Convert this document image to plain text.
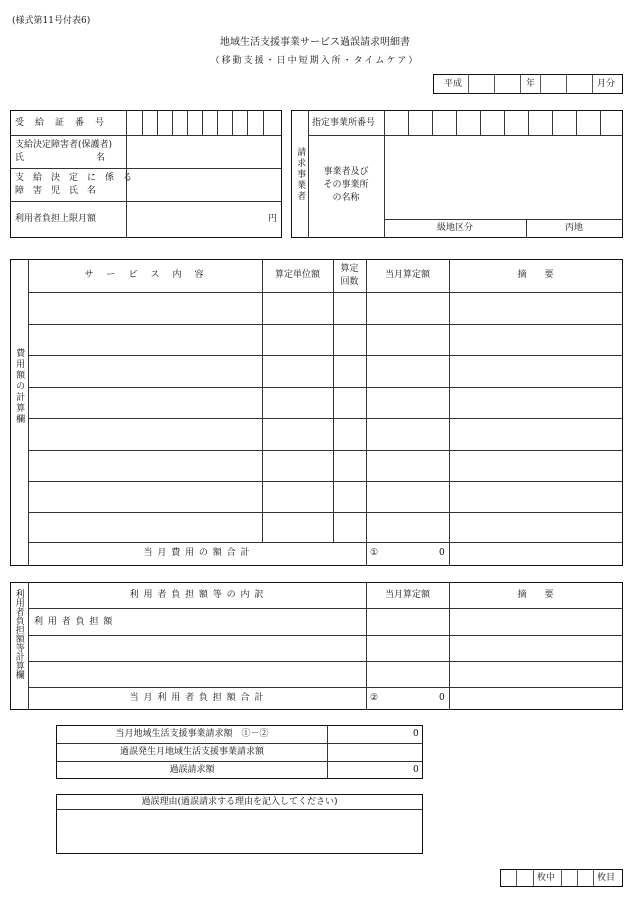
(様式第11号付表6)
地域生活支援事業サービス過誤請求明細書
（移動支援・日中短期入所・タイムケア）
平成	年	月分
受　給　証　番　号
支給決定障害者(保護者)
氏　　　　　　　　名
支　給　決　定　に　係　る
障　害　児　氏　名
利用者負担上限月額	円
請求事業者
指定事業所番号
事業者及び
その事業所
の名称
級地区分	丙地
費用額の計算欄
サ　ー　ビ　ス　内　容	算定単位額
算定
回数
当月算定額	摘　　要
当 月 費 用 の 額 合 計	①	0
利用者負担額等計算欄	利 用 者 負 担 額 等 の 内 訳	当月算定額	摘　　要
利 用 者 負 担 額
当 月 利 用 者 負 担 額 合 計	②	0
当月地域生活支援事業請求額　①－②	0
過誤発生月地域生活支援事業請求額
過誤請求額	0
過誤理由(過誤請求する理由を記入してください)
枚中	枚目
